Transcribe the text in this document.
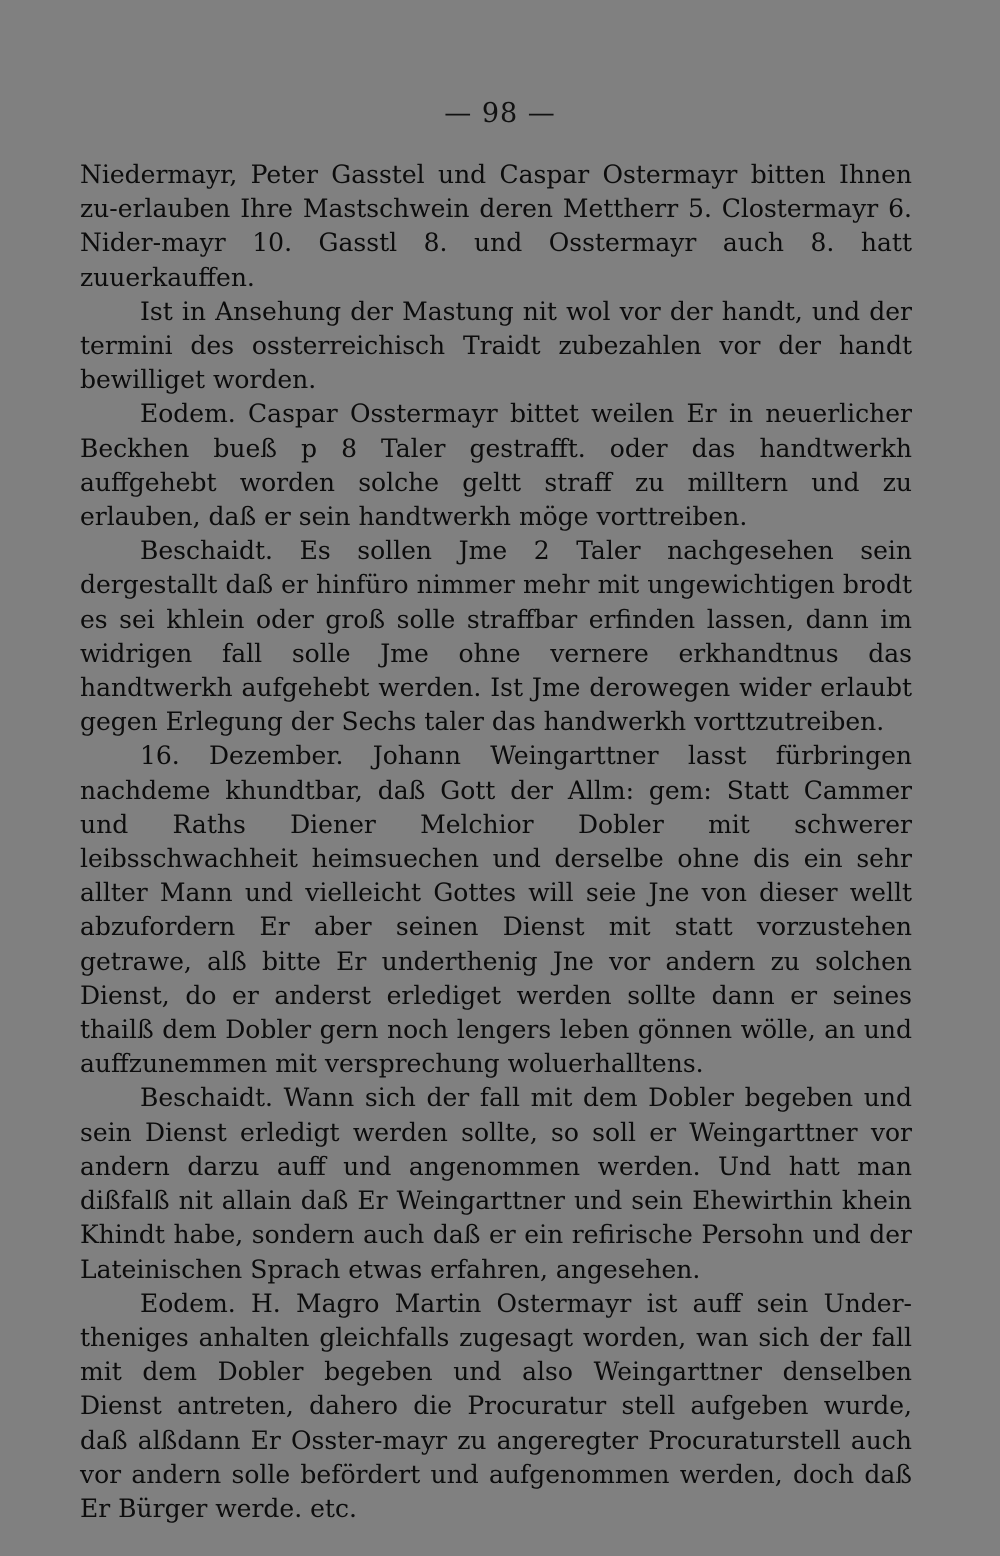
— 98 —

Niedermayr, Peter Gasstel und Caspar Ostermayr bitten Ihnen zu-erlauben Ihre Mastschwein deren Mettherr 5. Clostermayr 6. Nider-mayr 10. Gasstl 8. und Osstermayr auch 8. hatt zuuerkauffen.

Ist in Ansehung der Mastung nit wol vor der handt, und der termini des ossterreichisch Traidt zubezahlen vor der handt bewilliget worden.

Eodem. Caspar Osstermayr bittet weilen Er in neuerlicher Beckhen bueß p 8 Taler gestrafft. oder das handtwerkh auffgehebt worden solche geltt straff zu milltern und zu erlauben, daß er sein handtwerkh möge vorttreiben.

Beschaidt. Es sollen Jme 2 Taler nachgesehen sein dergestallt daß er hinfüro nimmer mehr mit ungewichtigen brodt es sei khlein oder groß solle straffbar erfinden lassen, dann im widrigen fall solle Jme ohne vernere erkhandtnus das handtwerkh aufgehebt werden. Ist Jme derowegen wider erlaubt gegen Erlegung der Sechs taler das handwerkh vorttzutreiben.

16. Dezember. Johann Weingarttner lasst fürbringen nachdeme khundtbar, daß Gott der Allm: gem: Statt Cammer und Raths Diener Melchior Dobler mit schwerer leibsschwachheit heimsuechen und derselbe ohne dis ein sehr allter Mann und vielleicht Gottes will seie Jne von dieser wellt abzufordern Er aber seinen Dienst mit statt vorzustehen getrawe, alß bitte Er underthenig Jne vor andern zu solchen Dienst, do er anderst erlediget werden sollte dann er seines thailß dem Dobler gern noch lengers leben gönnen wölle, an und auffzunemmen mit versprechung woluerhalltens.

Beschaidt. Wann sich der fall mit dem Dobler begeben und sein Dienst erledigt werden sollte, so soll er Weingarttner vor andern darzu auff und angenommen werden. Und hatt man dißfalß nit allain daß Er Weingarttner und sein Ehewirthin khein Khindt habe, sondern auch daß er ein refirische Persohn und der Lateinischen Sprach etwas erfahren, angesehen.

Eodem. H. Magro Martin Ostermayr ist auff sein Under-theniges anhalten gleichfalls zugesagt worden, wan sich der fall mit dem Dobler begeben und also Weingarttner denselben Dienst antreten, dahero die Procuratur stell aufgeben wurde, daß alßdann Er Osster-mayr zu angeregter Procuraturstell auch vor andern solle befördert und aufgenommen werden, doch daß Er Bürger werde. etc.
